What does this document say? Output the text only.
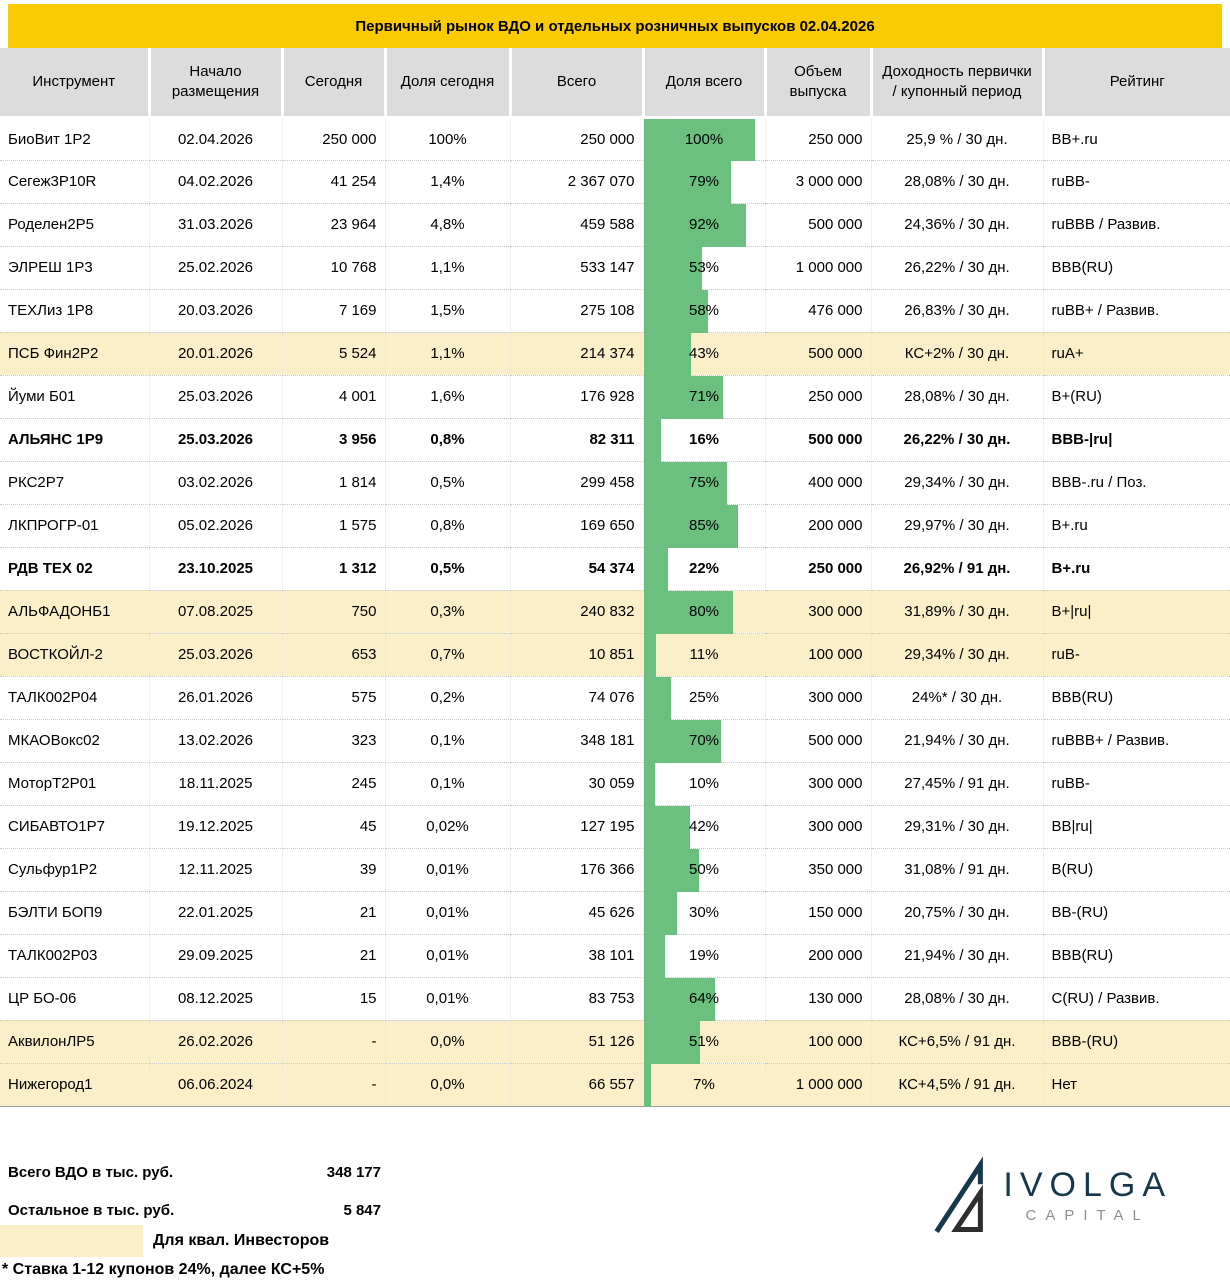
Первичный рынок ВДО и отдельных розничных выпусков 02.04.2026
Инструмент	Начало размещения	Сегодня	Доля сегодня	Всего	Доля всего	Объем выпуска	Доходность первички / купонный период	Рейтинг
БиоВит 1Р2	02.04.2026	250 000	100%	250 000	100%	250 000	25,9 % / 30 дн.	BB+.ru
Сегеж3Р10R	04.02.2026	41 254	1,4%	2 367 070	79%	3 000 000	28,08% / 30 дн.	ruBB-
Роделен2Р5	31.03.2026	23 964	4,8%	459 588	92%	500 000	24,36% / 30 дн.	ruBBB / Развив.
ЭЛРЕШ 1Р3	25.02.2026	10 768	1,1%	533 147	53%	1 000 000	26,22% / 30 дн.	BBB(RU)
ТЕХЛиз 1Р8	20.03.2026	7 169	1,5%	275 108	58%	476 000	26,83% / 30 дн.	ruBB+ / Развив.
ПСБ Фин2Р2	20.01.2026	5 524	1,1%	214 374	43%	500 000	КС+2% / 30 дн.	ruA+
Йуми Б01	25.03.2026	4 001	1,6%	176 928	71%	250 000	28,08% / 30 дн.	B+(RU)
АЛЬЯНС 1Р9	25.03.2026	3 956	0,8%	82 311	16%	500 000	26,22% / 30 дн.	BBB-|ru|
РКС2Р7	03.02.2026	1 814	0,5%	299 458	75%	400 000	29,34% / 30 дн.	BBB-.ru / Поз.
ЛКПРОГР-01	05.02.2026	1 575	0,8%	169 650	85%	200 000	29,97% / 30 дн.	B+.ru
РДВ ТЕХ 02	23.10.2025	1 312	0,5%	54 374	22%	250 000	26,92% / 91 дн.	B+.ru
АЛЬФАДОНБ1	07.08.2025	750	0,3%	240 832	80%	300 000	31,89% / 30 дн.	B+|ru|
ВОСТКОЙЛ-2	25.03.2026	653	0,7%	10 851	11%	100 000	29,34% / 30 дн.	ruB-
ТАЛК002Р04	26.01.2026	575	0,2%	74 076	25%	300 000	24%* / 30 дн.	BBB(RU)
МКАОВокс02	13.02.2026	323	0,1%	348 181	70%	500 000	21,94% / 30 дн.	ruBBB+ / Развив.
МоторТ2Р01	18.11.2025	245	0,1%	30 059	10%	300 000	27,45% / 91 дн.	ruBB-
СИБАВТО1Р7	19.12.2025	45	0,02%	127 195	42%	300 000	29,31% / 30 дн.	BB|ru|
Сульфур1Р2	12.11.2025	39	0,01%	176 366	50%	350 000	31,08% / 91 дн.	B(RU)
БЭЛТИ БОП9	22.01.2025	21	0,01%	45 626	30%	150 000	20,75% / 30 дн.	BB-(RU)
ТАЛК002Р03	29.09.2025	21	0,01%	38 101	19%	200 000	21,94% / 30 дн.	BBB(RU)
ЦР БО-06	08.12.2025	15	0,01%	83 753	64%	130 000	28,08% / 30 дн.	C(RU) / Развив.
АквилонЛР5	26.02.2026	-	0,0%	51 126	51%	100 000	КС+6,5% / 91 дн.	BBB-(RU)
Нижегород1	06.06.2024	-	0,0%	66 557	7%	1 000 000	КС+4,5% / 91 дн.	Нет
Всего ВДО в тыс. руб.	348 177
Остальное в тыс. руб.	5 847
Для квал. Инвесторов
* Ставка 1-12 купонов 24%, далее КС+5%
IVOLGA
CAPITAL
